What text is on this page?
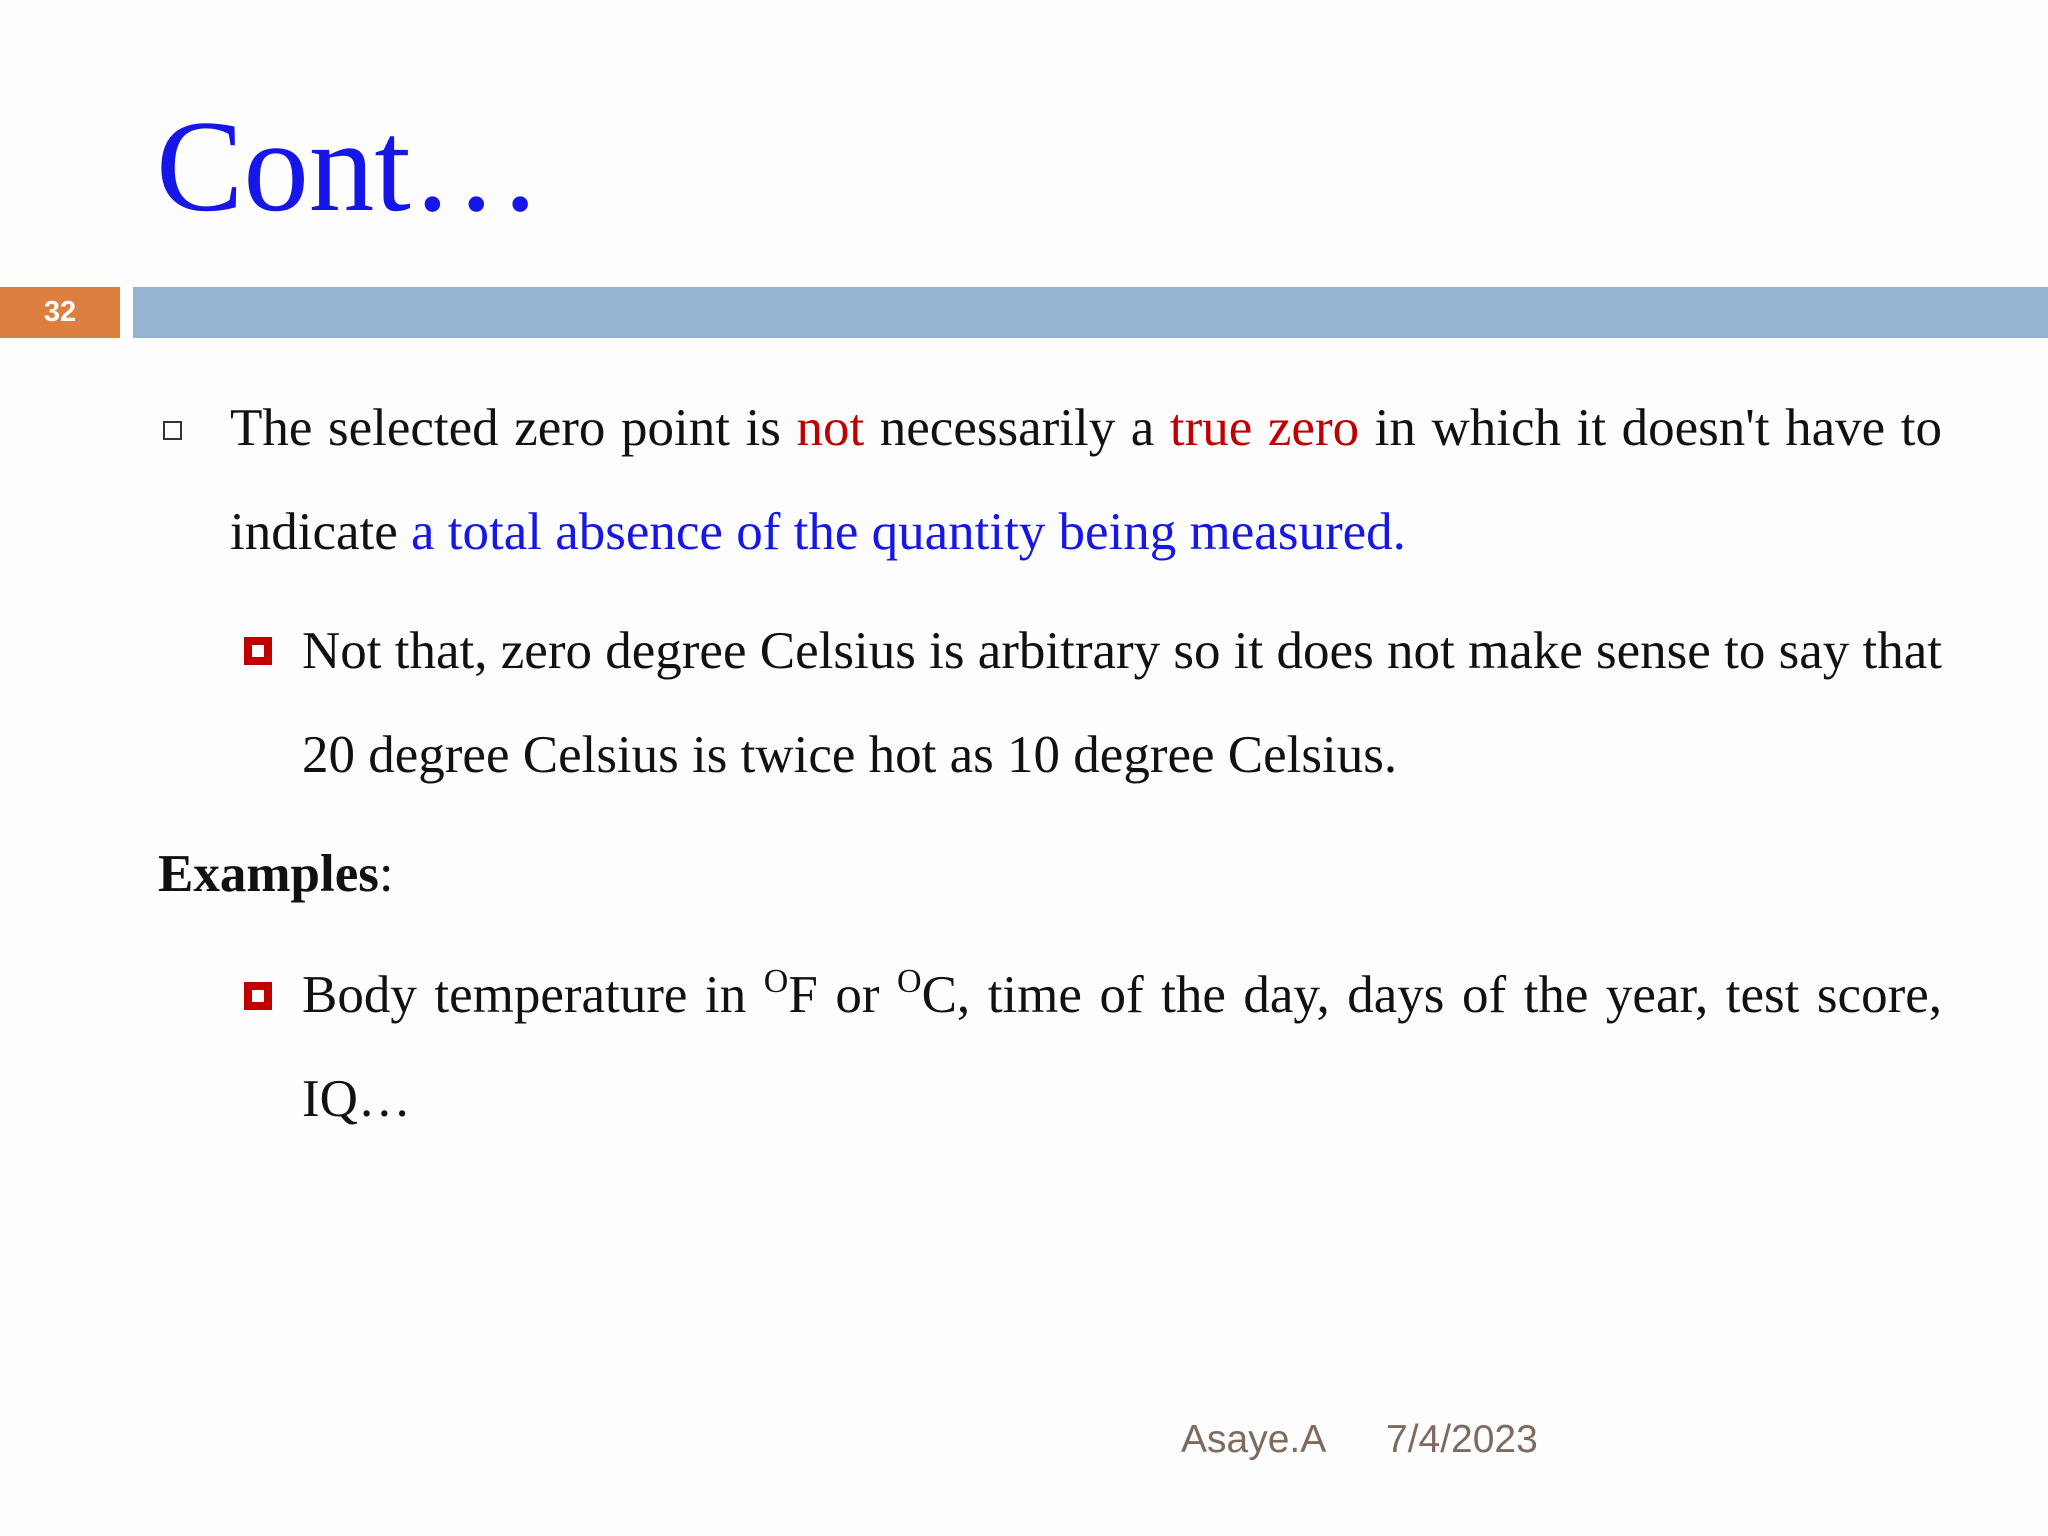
Cont…
32
The selected zero point is not necessarily a true zero in which it doesn't have to indicate a total absence of the quantity being measured.
Not that, zero degree Celsius is arbitrary so it does not make sense to say that 20 degree Celsius is twice hot as 10 degree Celsius.
Examples:
Body temperature in $^O$F or $^O$C, time of the day, days of the year, test score, IQ…
Asaye.A 7/4/2023
